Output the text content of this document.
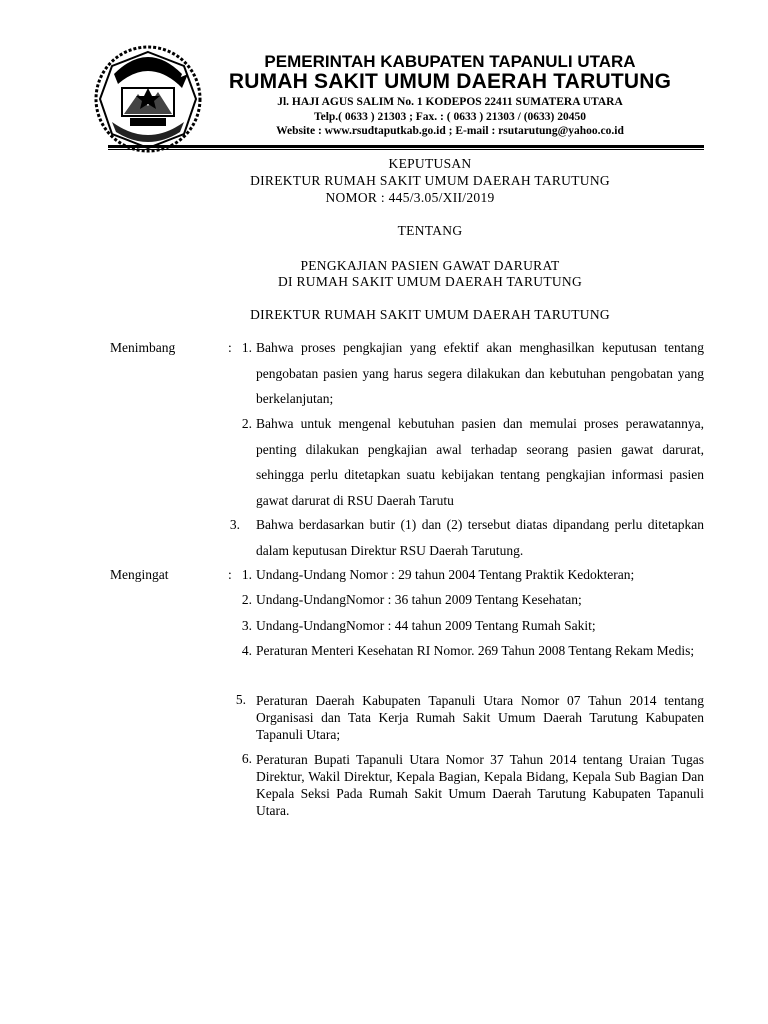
PEMERINTAH KABUPATEN TAPANULI UTARA
RUMAH SAKIT UMUM DAERAH TARUTUNG
Jl. HAJI AGUS SALIM No. 1 KODEPOS 22411 SUMATERA UTARA
Telp.( 0633 ) 21303 ; Fax. : ( 0633 ) 21303 / (0633) 20450
Website : www.rsudtaputkab.go.id ; E-mail : rsutarutung@yahoo.co.id
KEPUTUSAN
DIREKTUR RUMAH SAKIT UMUM DAERAH TARUTUNG
NOMOR : 445/3.05/XII/2019
TENTANG
PENGKAJIAN PASIEN GAWAT DARURAT
DI RUMAH SAKIT UMUM DAERAH TARUTUNG
DIREKTUR RUMAH SAKIT UMUM DAERAH TARUTUNG
Menimbang	: 1. Bahwa proses pengkajian yang efektif akan menghasilkan keputusan tentang pengobatan pasien yang harus segera dilakukan dan kebutuhan pengobatan yang berkelanjutan;
2. Bahwa untuk mengenal kebutuhan pasien dan memulai proses perawatannya, penting dilakukan pengkajian awal terhadap seorang pasien gawat darurat, sehingga perlu ditetapkan suatu kebijakan tentang pengkajian informasi pasien gawat darurat di RSU Daerah Tarutu
3. Bahwa berdasarkan butir (1) dan (2) tersebut diatas dipandang perlu ditetapkan dalam keputusan Direktur RSU Daerah Tarutung.
Mengingat	: 1. Undang-Undang Nomor : 29 tahun 2004 Tentang Praktik Kedokteran;
2. Undang-UndangNomor : 36 tahun 2009 Tentang Kesehatan;
3. Undang-UndangNomor : 44 tahun 2009 Tentang Rumah Sakit;
4. Peraturan Menteri Kesehatan RI Nomor. 269 Tahun 2008 Tentang Rekam Medis;
5. Peraturan Daerah Kabupaten Tapanuli Utara Nomor 07 Tahun 2014 tentang Organisasi dan Tata Kerja Rumah Sakit Umum Daerah Tarutung Kabupaten Tapanuli Utara;
6. Peraturan Bupati Tapanuli Utara Nomor 37 Tahun 2014 tentang Uraian Tugas Direktur, Wakil Direktur, Kepala Bagian, Kepala Bidang, Kepala Sub Bagian Dan Kepala Seksi Pada Rumah Sakit Umum Daerah Tarutung Kabupaten Tapanuli Utara.
